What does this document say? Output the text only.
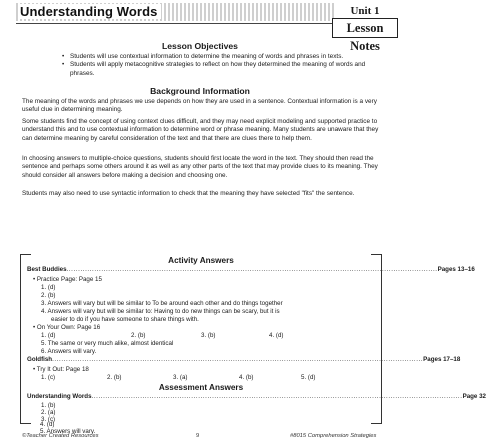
Understanding Words	Unit 1
Lesson Notes
Lesson Objectives
• Students will use contextual information to determine the meaning of words and phrases in texts.
• Students will apply metacognitive strategies to reflect on how they determined the meaning of words and phrases.
Background Information

The meaning of the words and phrases we use depends on how they are used in a sentence. Contextual information is a very useful clue in determining meaning.

Some students find the concept of using context clues difficult, and they may need explicit modeling and supported practice to understand this and to use contextual information to determine word or phrase meaning. Many students are unaware that they can determine meaning by careful consideration of the text and that there are clues there to help them.

In choosing answers to multiple-choice questions, students should first locate the word in the text. They should then read the sentence and perhaps some others around it as well as any other parts of the text that may provide clues to its meaning. They should consider all answers before making a decision and choosing one.

Students may also need to use syntactic information to check that the meaning they have selected "fits" the sentence.

Activity Answers
Best Buddies ................................................................................................................................................................ Pages 13–16
• Practice Page: Page 15
1. (d)
2. (b)
3. Answers will vary but will be similar to To be around each other and do things together
4. Answers will vary but will be similar to: Having to do new things can be scary, but it is
easier to do if you have someone to share things with.
• On Your Own: Page 16
1. (d)	2. (b)	3. (b)	4. (d)
5. The same or very much alike, almost identical
6. Answers will vary.
Goldfish ................................................................................................................................................................ Pages 17–18
• Try It Out: Page 18
1. (c)	2. (b)	3. (a)	4. (b)	5. (d)
Assessment Answers
Understanding Words ................................................................................................................................................................ Page 32
1. (b)
2. (a)
3. (c)
4. (d)
©Teacher Created Resources	9	#8015 Comprehension Strategies
5. Answers will vary.
